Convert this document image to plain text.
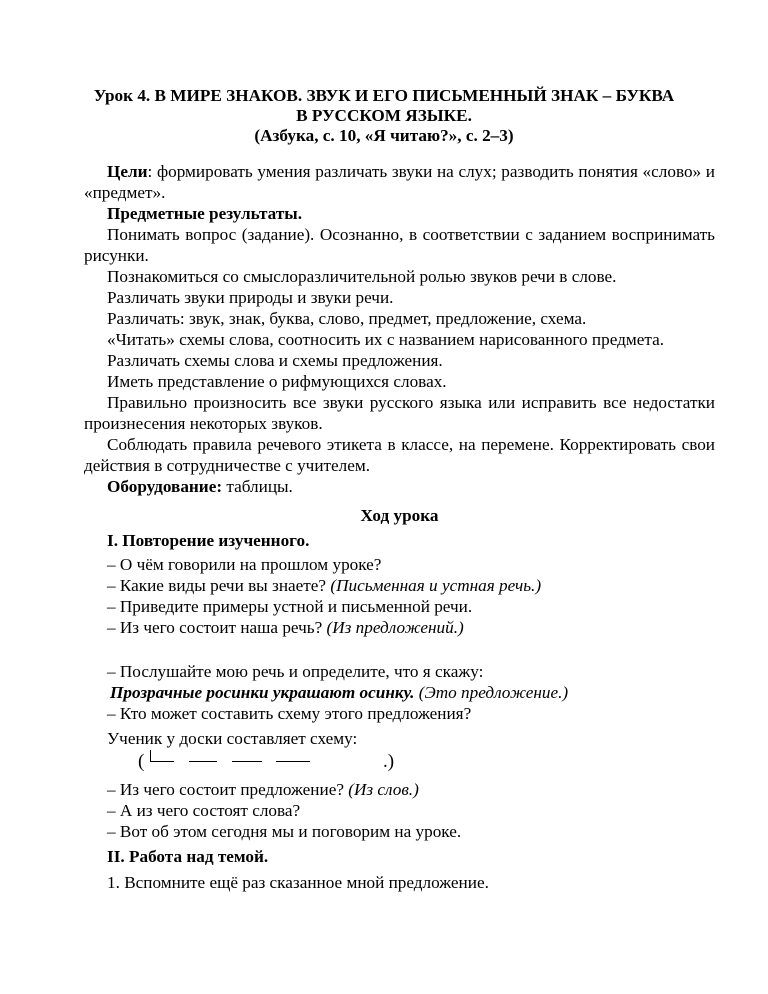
Урок 4. В МИРЕ ЗНАКОВ. ЗВУК И ЕГО ПИСЬМЕННЫЙ ЗНАК – БУКВА
В РУССКОМ ЯЗЫКЕ.
(Азбука, с. 10, «Я читаю?», с. 2–3)

Цели: формировать умения различать звуки на слух; разводить понятия «слово» и «предмет».

Предметные результаты.

Понимать вопрос (задание). Осознанно, в соответствии с заданием воспринимать рисунки.

Познакомиться со смыслоразличительной ролью звуков речи в слове.

Различать звуки природы и звуки речи.

Различать: звук, знак, буква, слово, предмет, предложение, схема.

«Читать» схемы слова, соотносить их с названием нарисованного предмета.

Различать схемы слова и схемы предложения.

Иметь представление о рифмующихся словах.

Правильно произносить все звуки русского языка или исправить все недостатки произнесения некоторых звуков.

Соблюдать правила речевого этикета в классе, на перемене. Корректировать свои действия в сотрудничестве с учителем.

Оборудование: таблицы.

Ход урока

I. Повторение изученного.

– О чём говорили на прошлом уроке?

– Какие виды речи вы знаете? (Письменная и устная речь.)

– Приведите примеры устной и письменной речи.

– Из чего состоит наша речь? (Из предложений.)

– Послушайте мою речь и определите, что я скажу:

Прозрачные росинки украшают осинку. (Это предложение.)

– Кто может составить схему этого предложения?

Ученик у доски составляет схему:

(	.)

– Из чего состоит предложение? (Из слов.)

– А из чего состоят слова?

– Вот об этом сегодня мы и поговорим на уроке.

II. Работа над темой.

1. Вспомните ещё раз сказанное мной предложение.
